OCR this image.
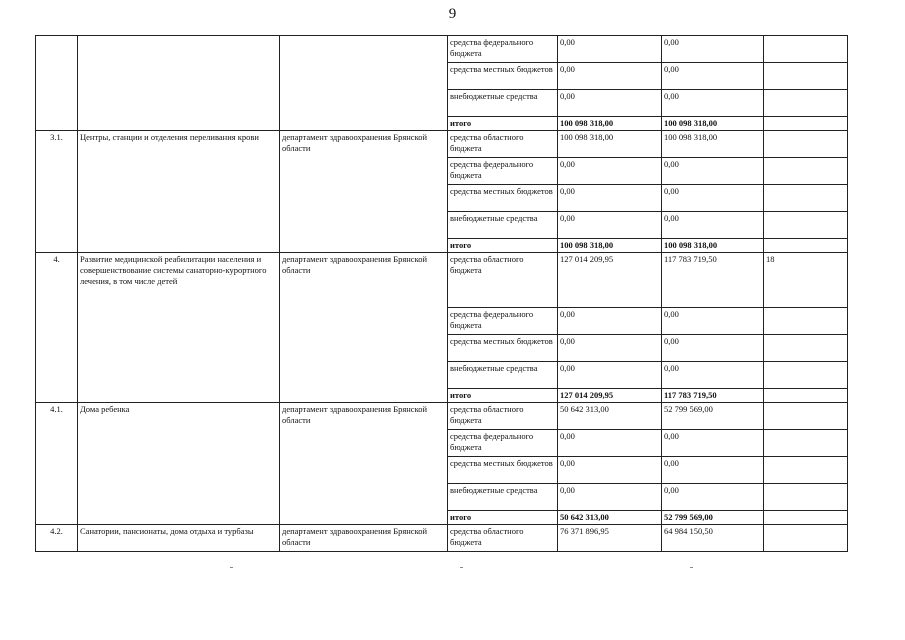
9
			средства федерального бюджета	0,00	0,00	
			средства местных бюджетов	0,00	0,00	
			внебюджетные средства	0,00	0,00	
			итого	100 098 318,00	100 098 318,00	
3.1.	Центры, станции и отделения переливания крови	департамент здравоохранения Брянской области	средства областного бюджета	100 098 318,00	100 098 318,00	
			средства федерального бюджета	0,00	0,00	
			средства местных бюджетов	0,00	0,00	
			внебюджетные средства	0,00	0,00	
			итого	100 098 318,00	100 098 318,00	
4.	Развитие медицинской реабилитации населения и совершенствование системы санаторно-курортного лечения, в том числе детей	департамент здравоохранения Брянской области	средства областного бюджета	127 014 209,95	117 783 719,50	18
			средства федерального бюджета	0,00	0,00	
			средства местных бюджетов	0,00	0,00	
			внебюджетные средства	0,00	0,00	
			итого	127 014 209,95	117 783 719,50	
4.1.	Дома ребенка	департамент здравоохранения Брянской области	средства областного бюджета	50 642 313,00	52 799 569,00	
			средства федерального бюджета	0,00	0,00	
			средства местных бюджетов	0,00	0,00	
			внебюджетные средства	0,00	0,00	
			итого	50 642 313,00	52 799 569,00	
4.2.	Санатории, пансионаты, дома отдыха и турбазы	департамент здравоохранения Брянской области	средства областного бюджета	76 371 896,95	64 984 150,50	
